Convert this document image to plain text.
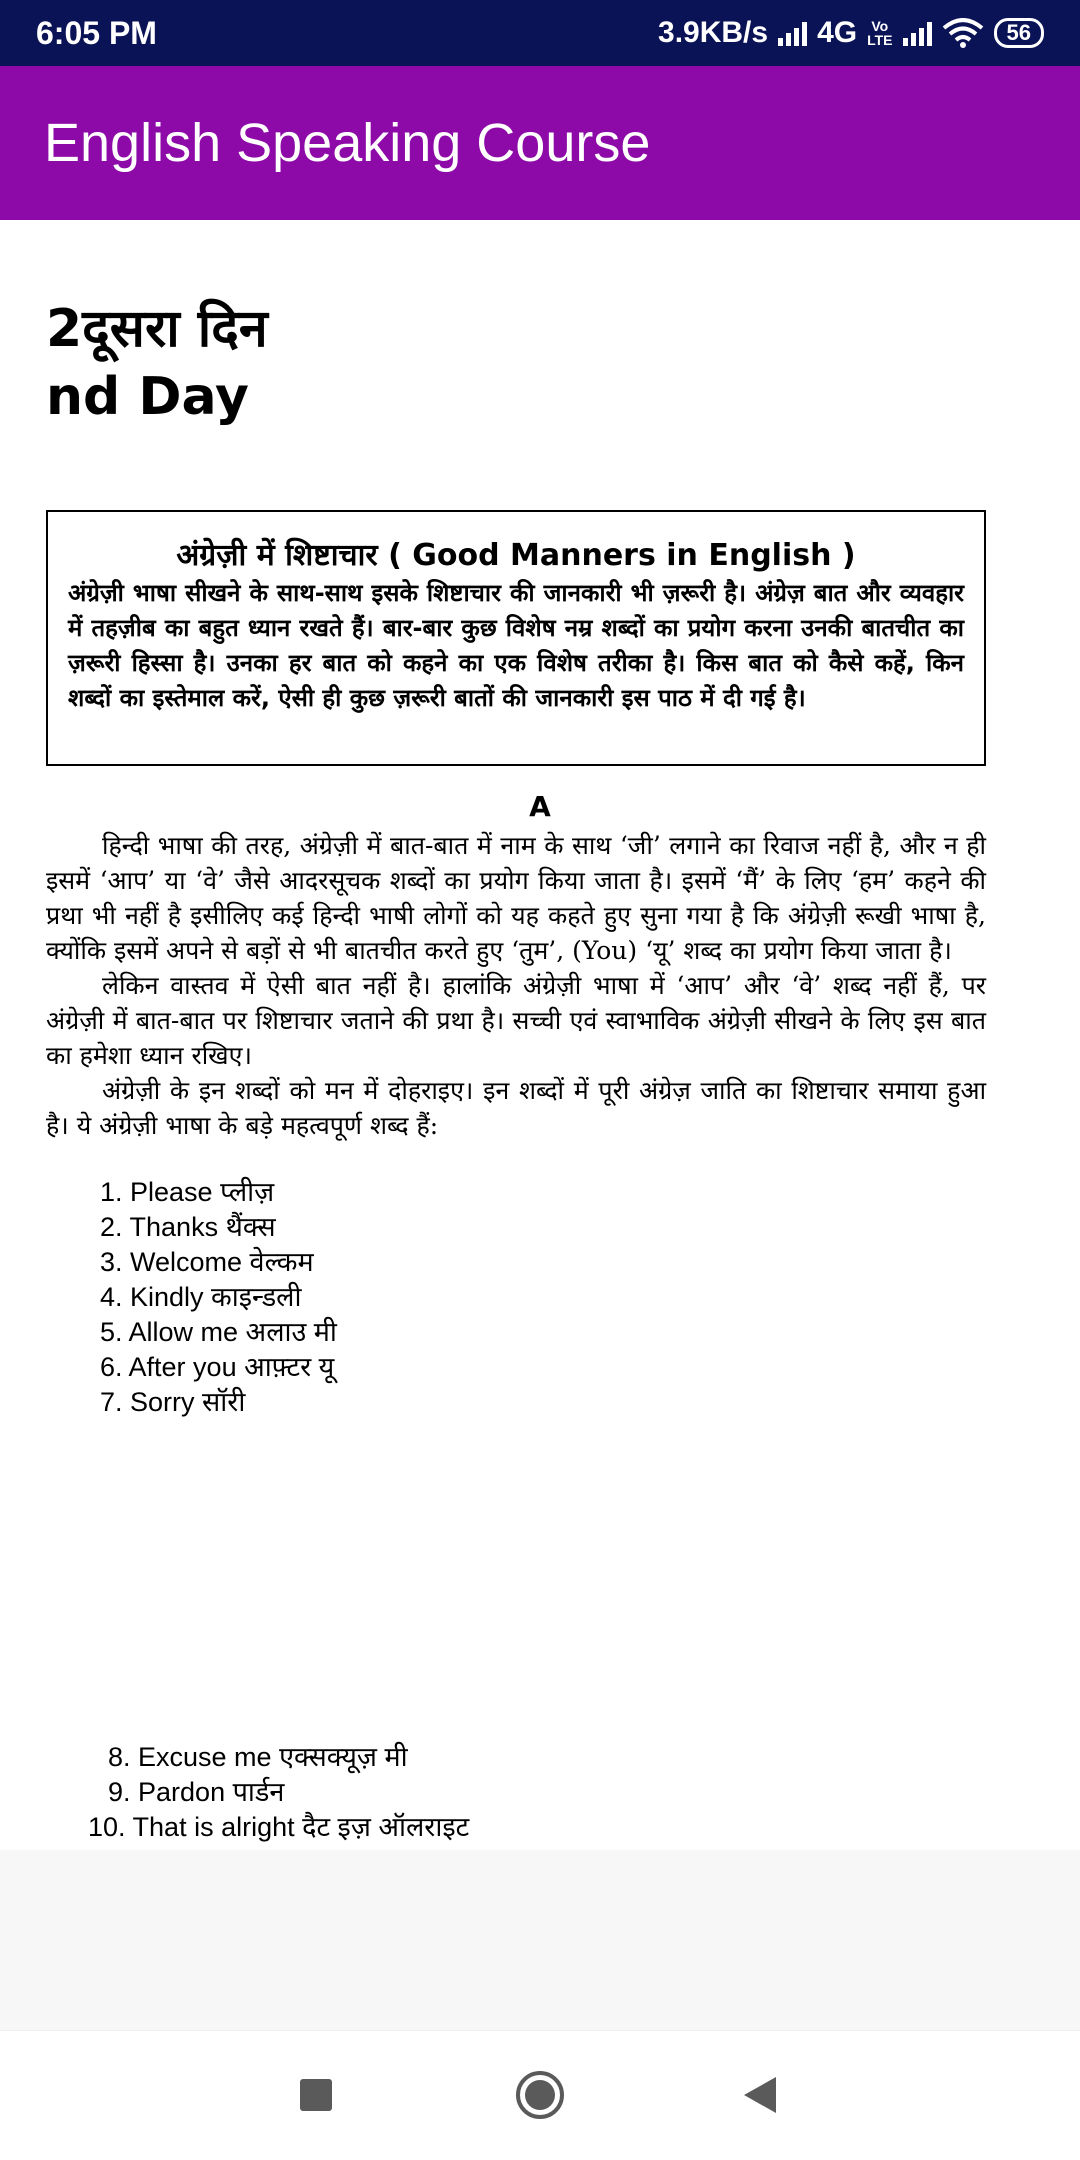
6:05 PM	3.9KB/s 4G	Vo
LTE	56
English Speaking Course
2दूसरा दिन
nd Day
अंग्रेज़ी में शिष्टाचार ( Good Manners in English )
अंग्रेज़ी भाषा सीखने के साथ-साथ इसके शिष्टाचार की जानकारी भी ज़रूरी है। अंग्रेज़ बात और व्यवहार में तहज़ीब का बहुत ध्यान रखते हैं। बार-बार कुछ विशेष नम्र शब्दों का प्रयोग करना उनकी बातचीत का ज़रूरी हिस्सा है। उनका हर बात को कहने का एक विशेष तरीका है। किस बात को कैसे कहें, किन शब्दों का इस्तेमाल करें, ऐसी ही कुछ ज़रूरी बातों की जानकारी इस पाठ में दी गई है।
A

हिन्दी भाषा की तरह, अंग्रेज़ी में बात-बात में नाम के साथ ‘जी’ लगाने का रिवाज नहीं है, और न ही इसमें ‘आप’ या ‘वे’ जैसे आदरसूचक शब्दों का प्रयोग किया जाता है। इसमें ‘मैं’ के लिए ‘हम’ कहने की प्रथा भी नहीं है इसीलिए कई हिन्दी भाषी लोगों को यह कहते हुए सुना गया है कि अंग्रेज़ी रूखी भाषा है, क्योंकि इसमें अपने से बड़ों से भी बातचीत करते हुए ‘तुम’, (You) ‘यू’ शब्द का प्रयोग किया जाता है।

लेकिन वास्तव में ऐसी बात नहीं है। हालांकि अंग्रेज़ी भाषा में ‘आप’ और ‘वे’ शब्द नहीं हैं, पर अंग्रेज़ी में बात-बात पर शिष्टाचार जताने की प्रथा है। सच्ची एवं स्वाभाविक अंग्रेज़ी सीखने के लिए इस बात का हमेशा ध्यान रखिए।

अंग्रेज़ी के इन शब्दों को मन में दोहराइए। इन शब्दों में पूरी अंग्रेज़ जाति का शिष्टाचार समाया हुआ है। ये अंग्रेज़ी भाषा के बड़े महत्वपूर्ण शब्द हैं:

1. Please प्लीज़
2. Thanks थैंक्स
3. Welcome वेल्कम
4. Kindly काइन्डली
5. Allow me अलाउ मी
6. After you आफ़्टर यू
7. Sorry सॉरी
8. Excuse me एक्सक्यूज़ मी
9. Pardon पार्डन
10. That is alright दैट इज़ ऑलराइट
